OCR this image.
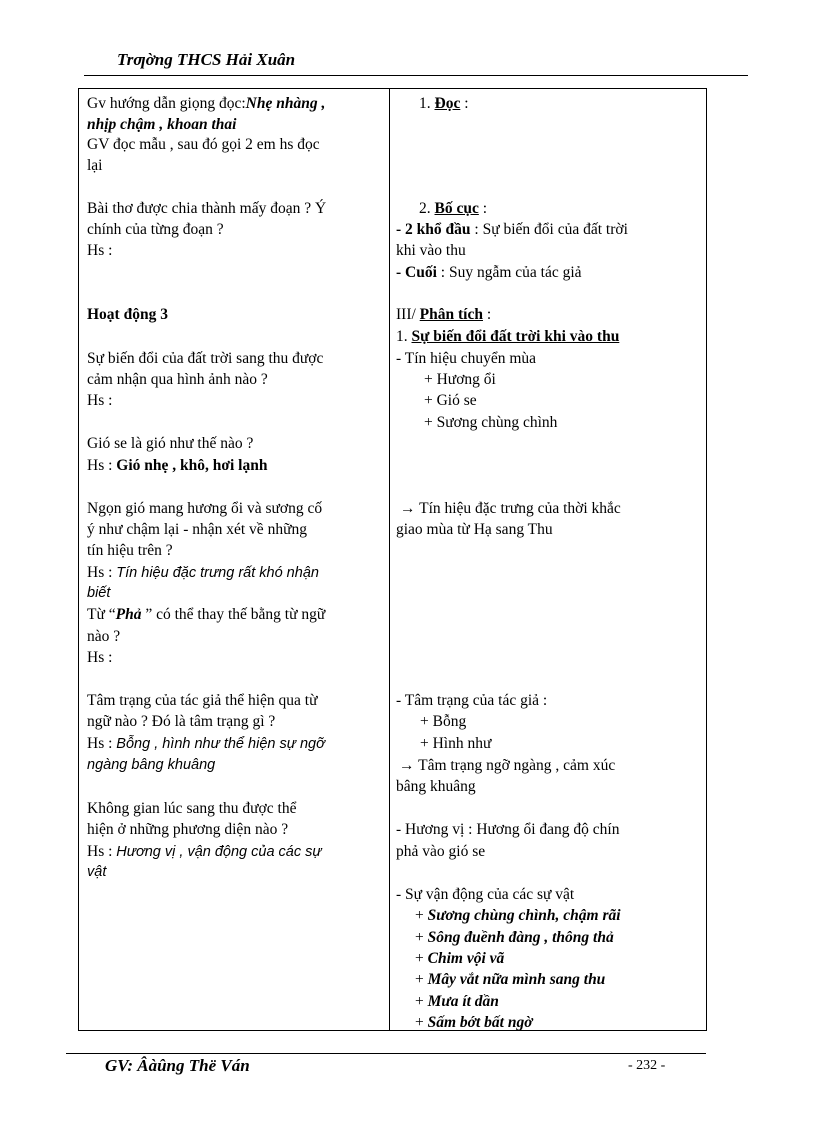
Trƣờng THCS Hải Xuân
Gv hướng dẫn giọng đọc:Nhẹ nhàng ,
nhịp chậm , khoan thai
GV đọc mẫu , sau đó gọi 2 em hs đọc
lại
Bài thơ được chia thành mấy đoạn ? Ý
chính của từng đoạn ?
Hs :
Hoạt động 3
Sự biến đổi của đất trời sang thu được
cảm nhận qua hình ảnh nào ?
Hs :
Gió se là gió như thế nào ?
Hs : Gió nhẹ , khô, hơi lạnh
Ngọn gió mang hương ổi và sương cố
ý như chậm lại - nhận xét về những
tín hiệu trên ?
Hs : Tín hiệu đặc trưng rất khó nhận
biết
Từ “Phả ” có thể thay thế bằng từ ngữ
nào ?
Hs :
Tâm trạng của tác giả thể hiện qua từ
ngữ nào ? Đó là tâm trạng gì ?
Hs : Bỗng , hình như thể hiện sự ngỡ
ngàng bâng khuâng
Không gian lúc sang thu được thể
hiện ở những phương diện nào ?
Hs : Hương vị , vận động của các sự
vật
1. Đọc :
2. Bố cục :
- 2 khổ đầu : Sự biến đổi của đất trời
khi vào thu
- Cuối : Suy ngẫm của tác giả
III/ Phân tích :
1. Sự biến đổi đất trời khi vào thu
- Tín hiệu chuyển mùa
+ Hương ổi
+ Gió se
+ Sương chùng chình
→ Tín hiệu đặc trưng của thời khắc
giao mùa từ Hạ sang Thu
- Tâm trạng của tác giả :
+ Bỗng
+ Hình như
→ Tâm trạng ngỡ ngàng , cảm xúc
bâng khuâng
- Hương vị : Hương ổi đang độ chín
phả vào gió se
- Sự vận động của các sự vật
+ Sương chùng chình, chậm rãi
+ Sông đuềnh đàng , thông thả
+ Chim vội vã
+ Mây vắt nữa mình sang thu
+ Mưa ít dần
+ Sấm bớt bất ngờ
GV: Âàûng Thë Ván	- 232 -
